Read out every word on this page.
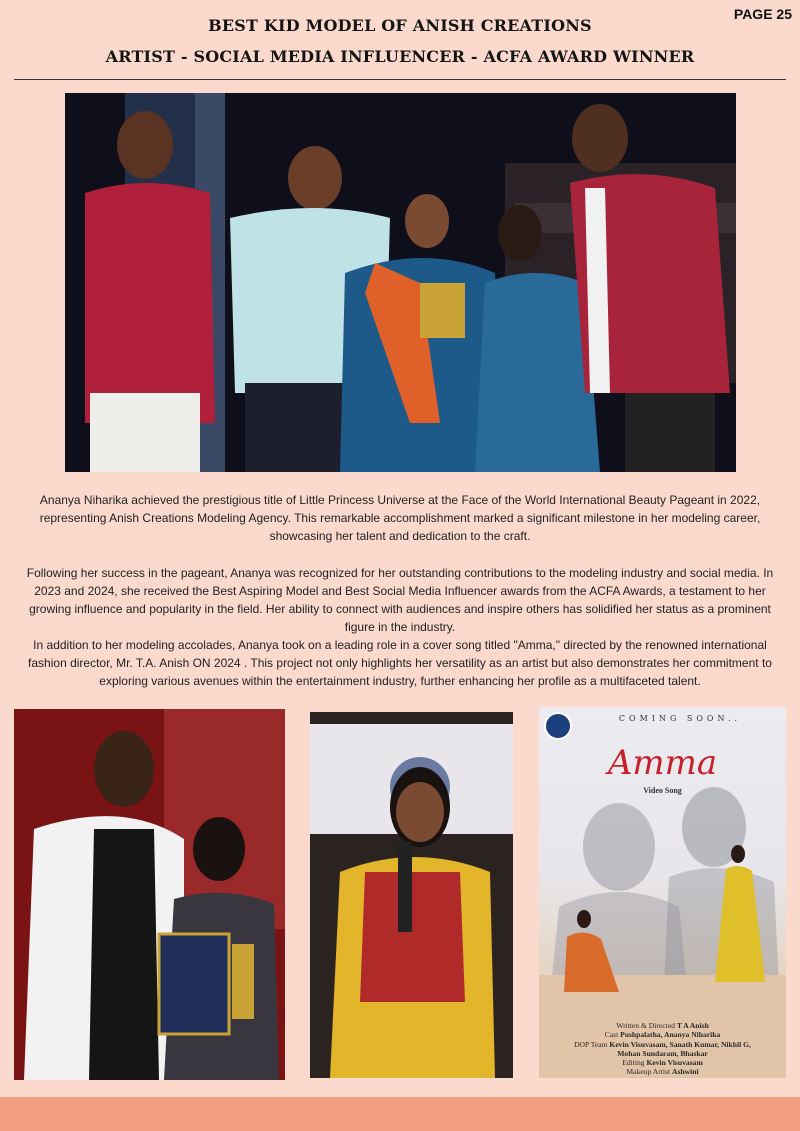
PAGE 25
BEST KID MODEL OF ANISH CREATIONS
ARTIST - SOCIAL MEDIA INFLUENCER - ACFA AWARD WINNER

Ananya Niharika achieved the prestigious title of Little Princess Universe at the Face of the World International Beauty Pageant in 2022, representing Anish Creations Modeling Agency. This remarkable accomplishment marked a significant milestone in her modeling career, showcasing her talent and dedication to the craft.

Following her success in the pageant, Ananya was recognized for her outstanding contributions to the modeling industry and social media. In 2023 and 2024, she received the Best Aspiring Model and Best Social Media Influencer awards from the ACFA Awards, a testament to her growing influence and popularity in the field. Her ability to connect with audiences and inspire others has solidified her status as a prominent figure in the industry.

In addition to her modeling accolades, Ananya took on a leading role in a cover song titled "Amma," directed by the renowned international fashion director, Mr. T.A. Anish ON 2024 . This project not only highlights her versatility as an artist but also demonstrates her commitment to exploring various avenues within the entertainment industry, further enhancing her profile as a multifaceted talent.

COMING SOON..
Amma
Video Song
Written & Directed T A Anish
Cast Pushpalatha, Ananya Niharika
DOP Team Kevin Visuvasam, Sanath Kumar, Nikhil G,
Mohan Sundaram, Bhaskar
Editing Kevin Visuvasam
Makeup Artist Ashwini
